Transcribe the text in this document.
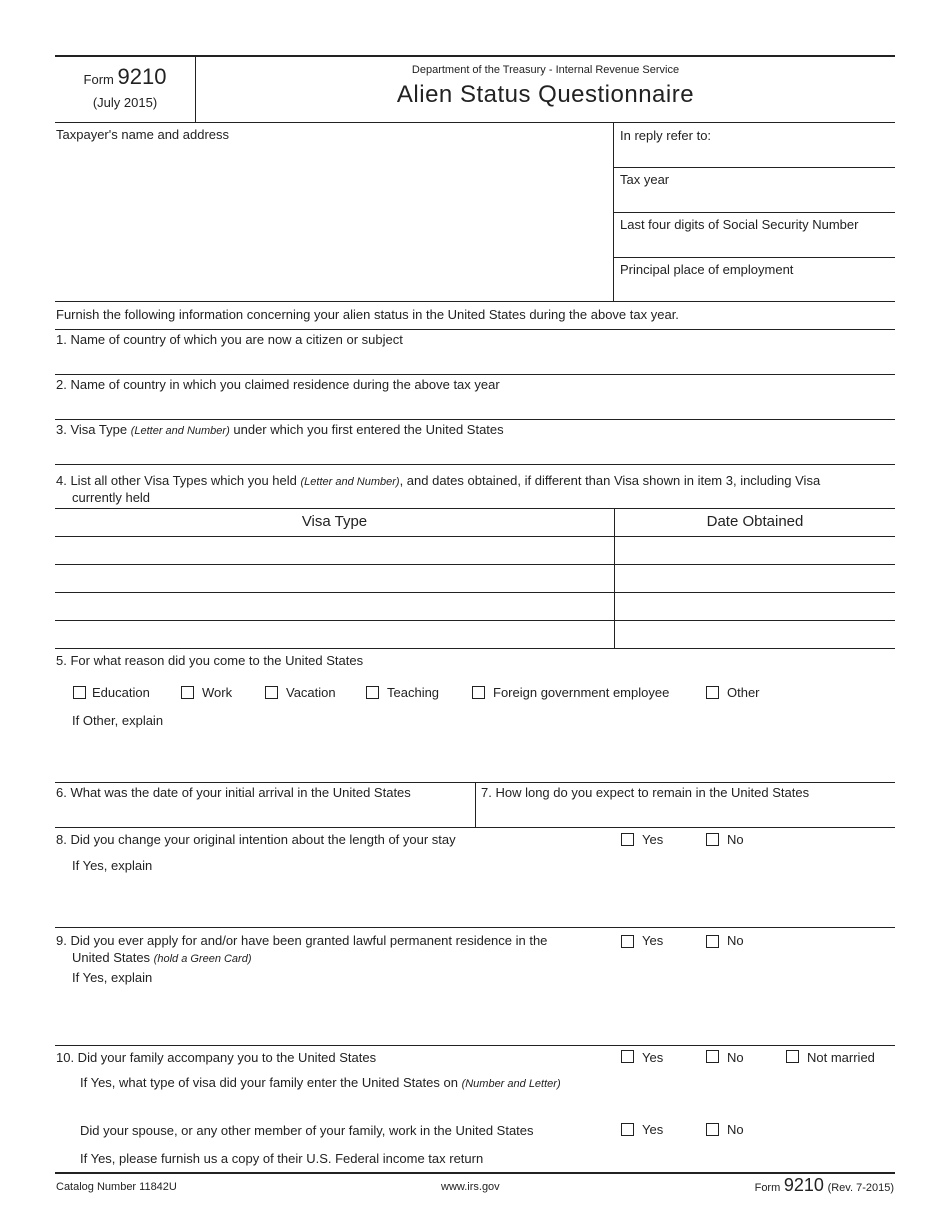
Form 9210
(July 2015)
Department of the Treasury - Internal Revenue Service
Alien Status Questionnaire
Taxpayer's name and address	In reply refer to:
Tax year
Last four digits of Social Security Number
Principal place of employment
Furnish the following information concerning your alien status in the United States during the above tax year.
1. Name of country of which you are now a citizen or subject
2. Name of country in which you claimed residence during the above tax year
3. Visa Type (Letter and Number) under which you first entered the United States
4. List all other Visa Types which you held (Letter and Number), and dates obtained, if different than Visa shown in item 3, including Visa
currently held
Visa Type	Date Obtained
5. For what reason did you come to the United States
Education	Work	Vacation	Teaching	Foreign government employee	Other
If Other, explain
6. What was the date of your initial arrival in the United States	7. How long do you expect to remain in the United States
8. Did you change your original intention about the length of your stay	Yes	No
If Yes, explain
9. Did you ever apply for and/or have been granted lawful permanent residence in the
United States (hold a Green Card)
Yes	No
If Yes, explain
10. Did your family accompany you to the United States	Yes	No	Not married
If Yes, what type of visa did your family enter the United States on (Number and Letter)
Did your spouse, or any other member of your family, work in the United States	Yes	No
If Yes, please furnish us a copy of their U.S. Federal income tax return
Catalog Number 11842U	www.irs.gov	Form 9210 (Rev. 7-2015)
